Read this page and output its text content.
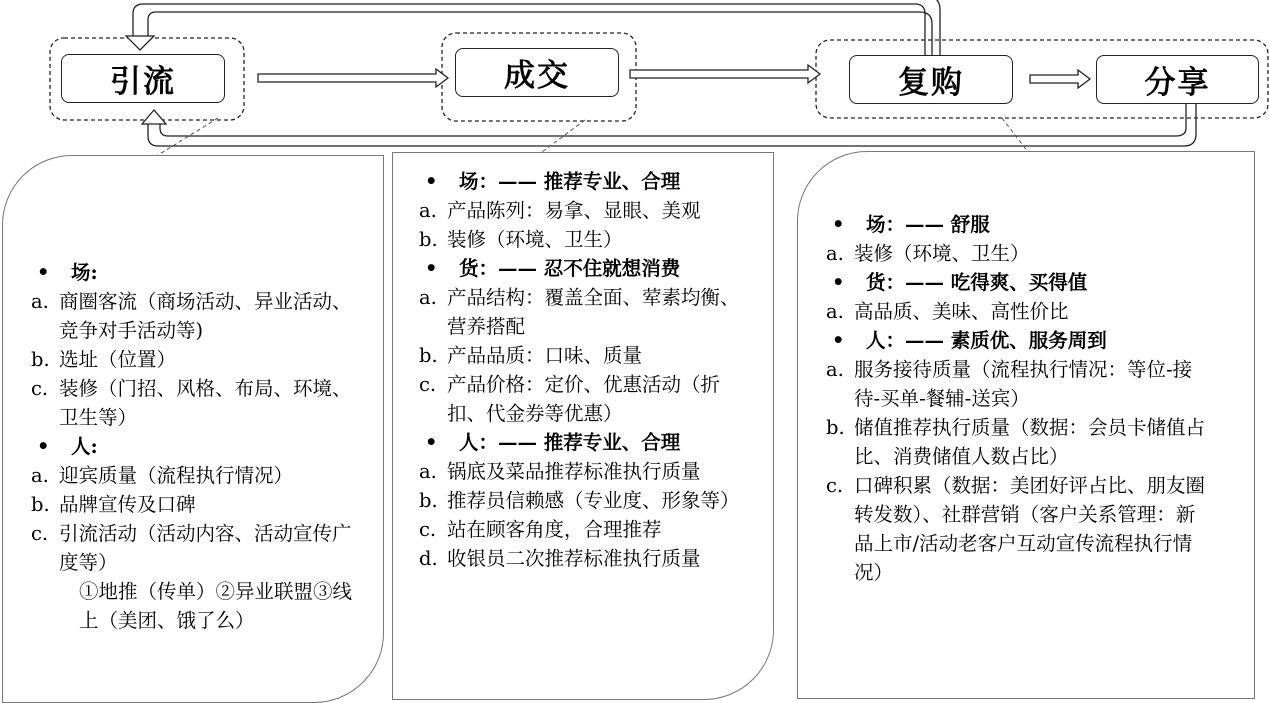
引流	成交	复购	分享
• 场:
a. 商圈客流（商场活动、异业活动、竞争对手活动等)
b. 选址（位置）
c. 装修（门招、风格、布局、环境、卫生等）
• 人:
a. 迎宾质量（流程执行情况）
b. 品牌宣传及口碑
c. 引流活动（活动内容、活动宣传广度等）
①地推（传单）②异业联盟③线上（美团、饿了么）
• 场：—— 推荐专业、合理
a. 产品陈列：易拿、显眼、美观
b. 装修（环境、卫生）
• 货：—— 忍不住就想消费
a. 产品结构：覆盖全面、荤素均衡、营养搭配
b. 产品品质：口味、质量
c. 产品价格：定价、优惠活动（折扣、代金券等优惠）
• 人：—— 推荐专业、合理
a. 锅底及菜品推荐标准执行质量
b. 推荐员信赖感（专业度、形象等）
c. 站在顾客角度，合理推荐
d. 收银员二次推荐标准执行质量
• 场：—— 舒服
a. 装修（环境、卫生）
• 货：—— 吃得爽、买得值
a. 高品质、美味、高性价比
• 人：—— 素质优、服务周到
a. 服务接待质量（流程执行情况：等位-接待-买单-餐辅-送宾）
b. 储值推荐执行质量（数据：会员卡储值占比、消费储值人数占比）
c. 口碑积累（数据：美团好评占比、朋友圈转发数）、社群营销（客户关系管理：新品上市/活动老客户互动宣传流程执行情况）
